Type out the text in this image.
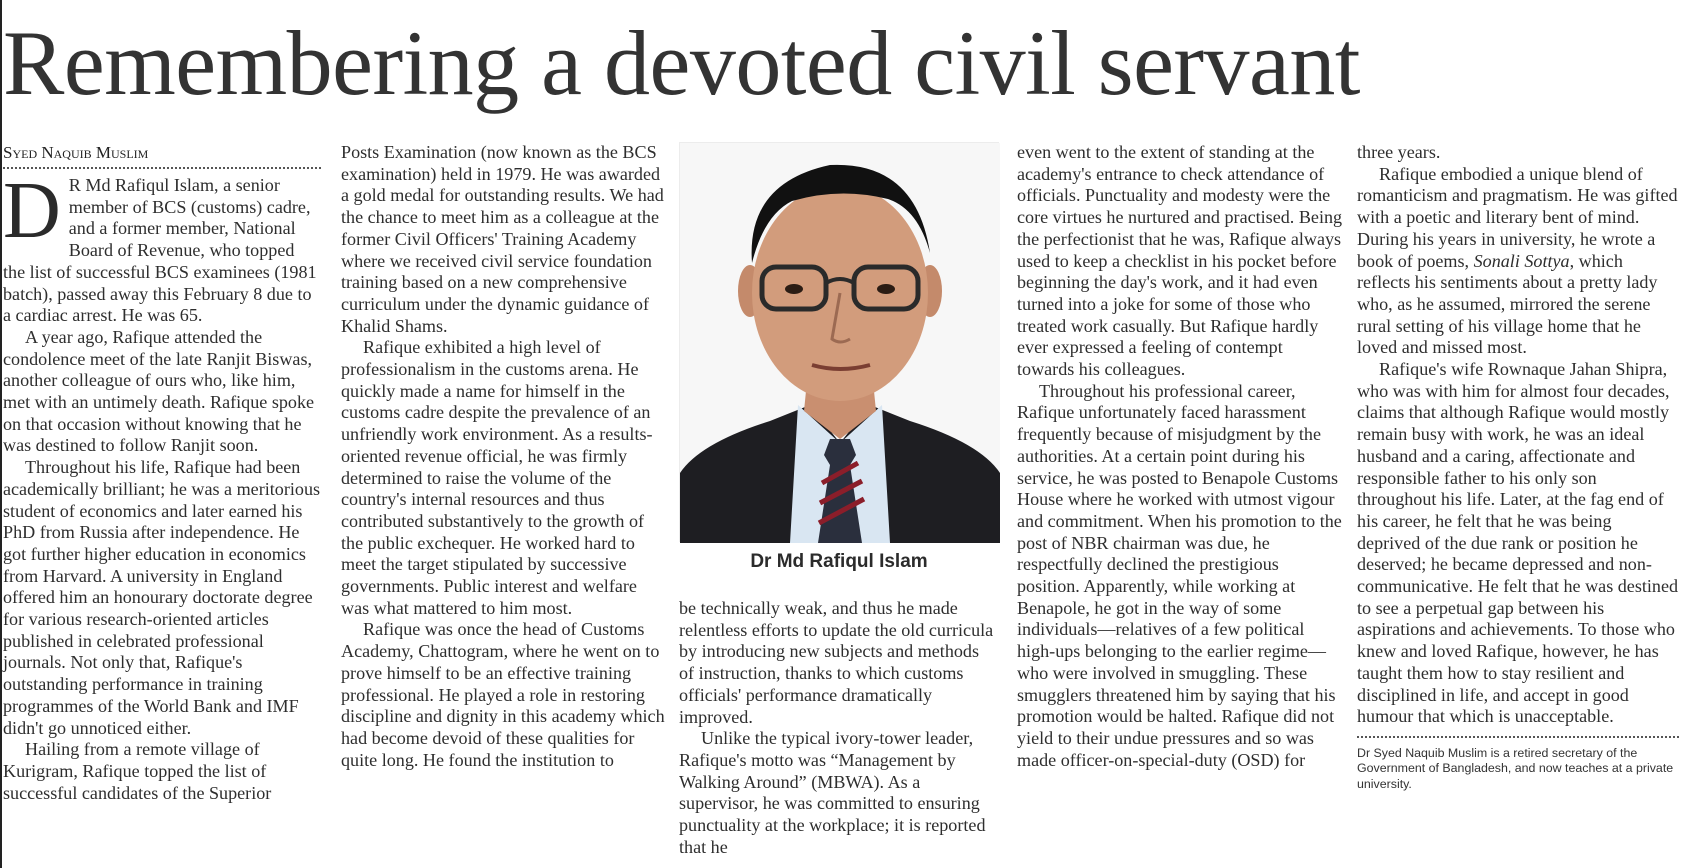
Remembering a devoted civil servant
Syed Naquib Muslim

D R Md Rafiqul Islam, a senior member of BCS (customs) cadre, and a former member, National Board of Revenue, who topped the list of successful BCS examinees (1981 batch), passed away this February 8 due to a cardiac arrest. He was 65.

A year ago, Rafique attended the condolence meet of the late Ranjit Biswas, another colleague of ours who, like him, met with an untimely death. Rafique spoke on that occasion without knowing that he was destined to follow Ranjit soon.

Throughout his life, Rafique had been academically brilliant; he was a meritorious student of economics and later earned his PhD from Russia after independence. He got further higher education in economics from Harvard. A university in England offered him an honourary doctorate degree for various research-oriented articles published in celebrated professional journals. Not only that, Rafique's outstanding performance in training programmes of the World Bank and IMF didn't go unnoticed either.

Hailing from a remote village of Kurigram, Rafique topped the list of successful candidates of the Superior

Posts Examination (now known as the BCS examination) held in 1979. He was awarded a gold medal for outstanding results. We had the chance to meet him as a colleague at the former Civil Officers' Training Academy where we received civil service foundation training based on a new comprehensive curriculum under the dynamic guidance of Khalid Shams.

Rafique exhibited a high level of professionalism in the customs arena. He quickly made a name for himself in the customs cadre despite the prevalence of an unfriendly work environment. As a results-oriented revenue official, he was firmly determined to raise the volume of the country's internal resources and thus contributed substantively to the growth of the public exchequer. He worked hard to meet the target stipulated by successive governments. Public interest and welfare was what mattered to him most.

Rafique was once the head of Customs Academy, Chattogram, where he went on to prove himself to be an effective training professional. He played a role in restoring discipline and dignity in this academy which had become devoid of these qualities for quite long. He found the institution to

Dr Md Rafiqul Islam

be technically weak, and thus he made relentless efforts to update the old curricula by introducing new subjects and methods of instruction, thanks to which customs officials' performance dramatically improved.

Unlike the typical ivory-tower leader, Rafique's motto was “Management by Walking Around” (MBWA). As a supervisor, he was committed to ensuring punctuality at the workplace; it is reported that he

even went to the extent of standing at the academy's entrance to check attendance of officials. Punctuality and modesty were the core virtues he nurtured and practised. Being the perfectionist that he was, Rafique always used to keep a checklist in his pocket before beginning the day's work, and it had even turned into a joke for some of those who treated work casually. But Rafique hardly ever expressed a feeling of contempt towards his colleagues.

Throughout his professional career, Rafique unfortunately faced harassment frequently because of misjudgment by the authorities. At a certain point during his service, he was posted to Benapole Customs House where he worked with utmost vigour and commitment. When his promotion to the post of NBR chairman was due, he respectfully declined the prestigious position. Apparently, while working at Benapole, he got in the way of some individuals—relatives of a few political high-ups belonging to the earlier regime—who were involved in smuggling. These smugglers threatened him by saying that his promotion would be halted. Rafique did not yield to their undue pressures and so was made officer-on-special-duty (OSD) for

three years.

Rafique embodied a unique blend of romanticism and pragmatism. He was gifted with a poetic and literary bent of mind. During his years in university, he wrote a book of poems, Sonali Sottya, which reflects his sentiments about a pretty lady who, as he assumed, mirrored the serene rural setting of his village home that he loved and missed most.

Rafique's wife Rownaque Jahan Shipra, who was with him for almost four decades, claims that although Rafique would mostly remain busy with work, he was an ideal husband and a caring, affectionate and responsible father to his only son throughout his life. Later, at the fag end of his career, he felt that he was being deprived of the due rank or position he deserved; he became depressed and non-communicative. He felt that he was destined to see a perpetual gap between his aspirations and achievements. To those who knew and loved Rafique, however, he has taught them how to stay resilient and disciplined in life, and accept in good humour that which is unacceptable.

Dr Syed Naquib Muslim is a retired secretary of the Government of Bangladesh, and now teaches at a private university.
